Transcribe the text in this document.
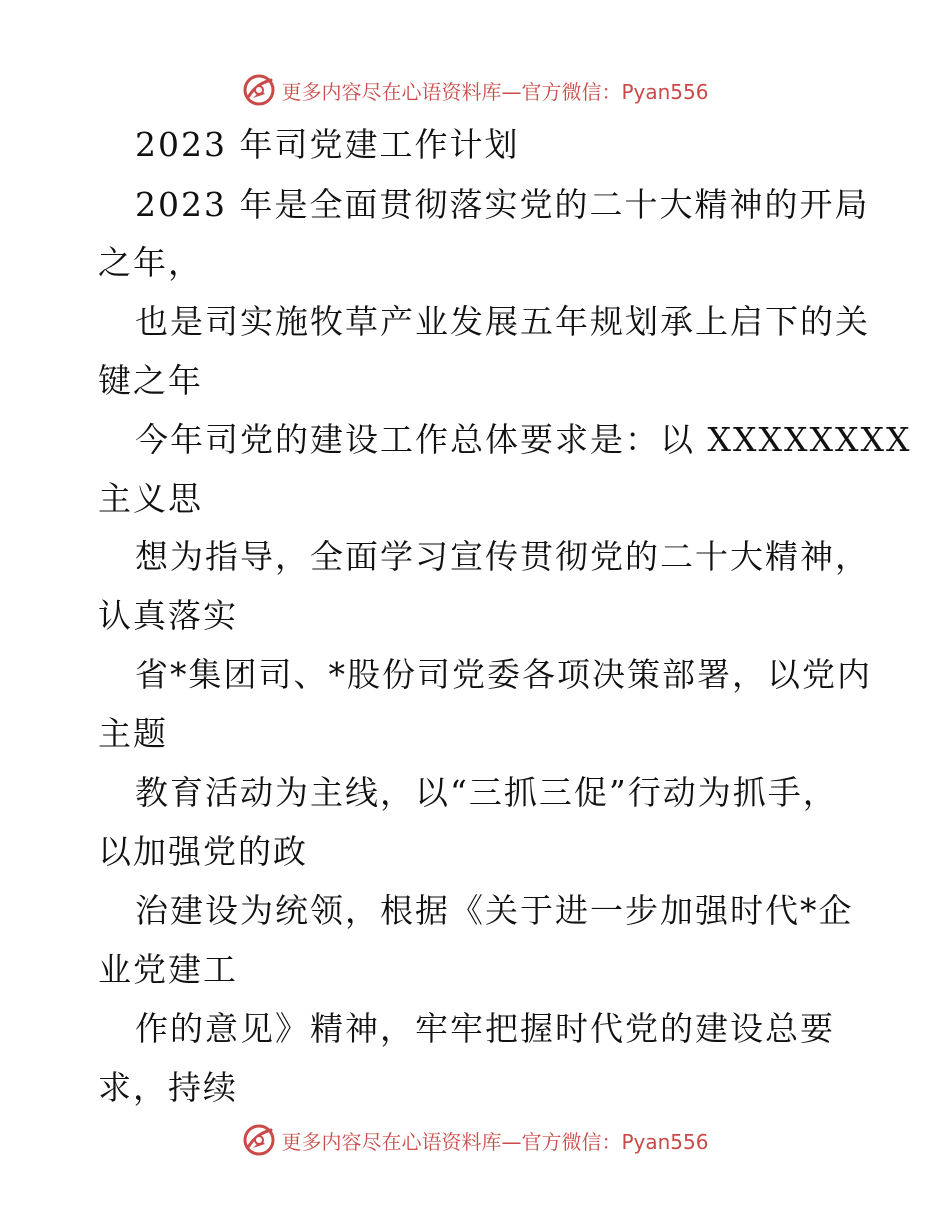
更多内容尽在心语资料库—官方微信：Pyan556
2023 年司党建工作计划
2023 年是全面贯彻落实党的二十大精神的开局
之年，
也是司实施牧草产业发展五年规划承上启下的关
键之年
今年司党的建设工作总体要求是：以 XXXXXXXX
主义思
想为指导，全面学习宣传贯彻党的二十大精神，
认真落实
省*集团司、*股份司党委各项决策部署，以党内
主题
教育活动为主线，以“三抓三促”行动为抓手，
以加强党的政
治建设为统领，根据《关于进一步加强时代*企
业党建工
作的意见》精神，牢牢把握时代党的建设总要
求，持续
更多内容尽在心语资料库—官方微信：Pyan556
